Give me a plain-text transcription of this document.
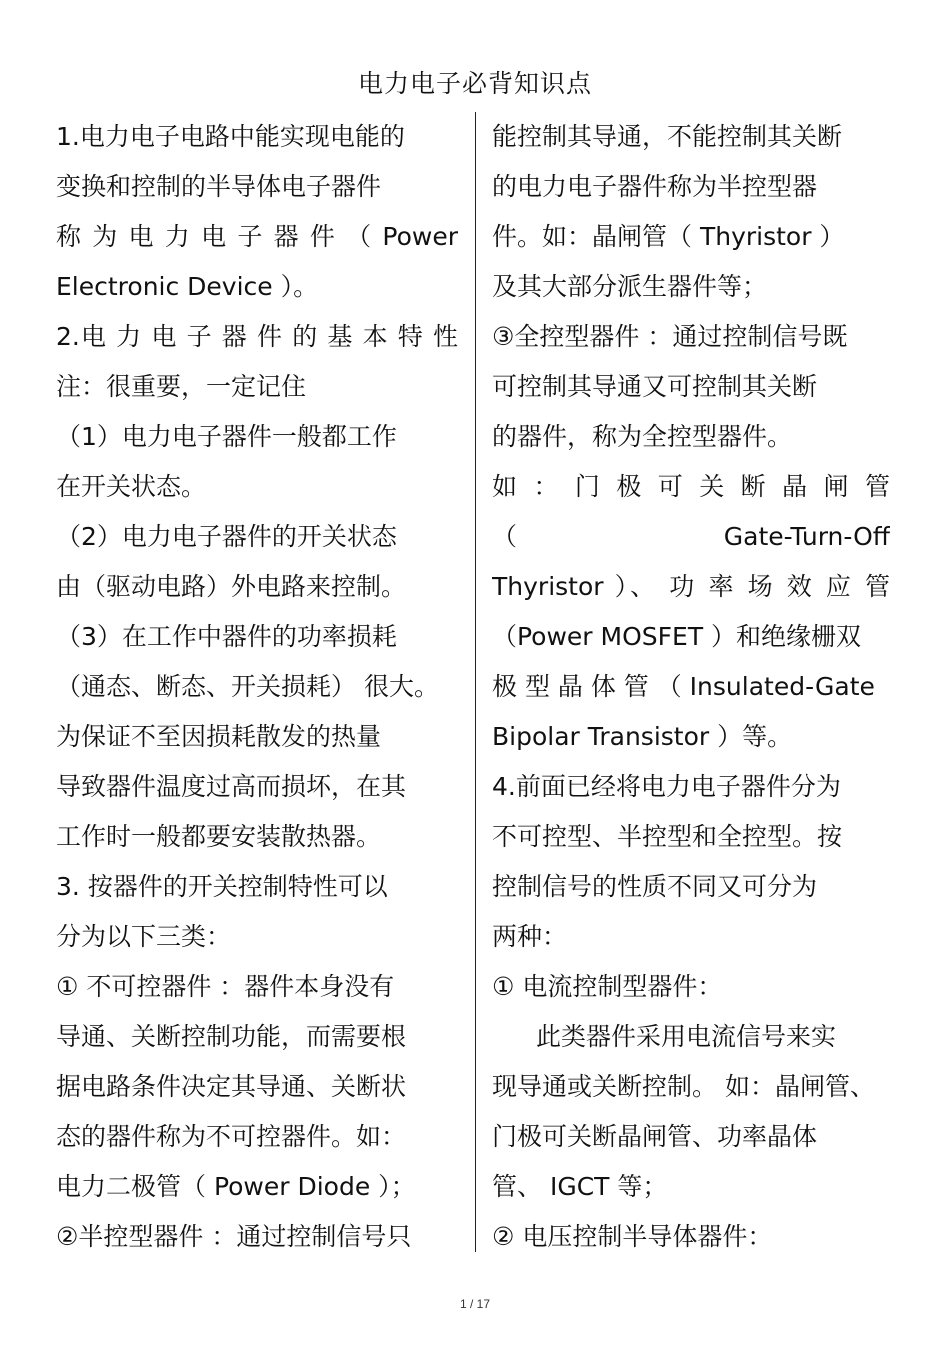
电力电子必背知识点
1.电力电子电路中能实现电能的
变换和控制的半导体电子器件
称 为 电 力 电 子 器 件 （ Power
Electronic Device ）。
2.电 力 电 子 器 件 的 基 本 特 性
注：很重要，一定记住
（1）电力电子器件一般都工作
在开关状态。
（2）电力电子器件的开关状态
由（驱动电路）外电路来控制。
（3）在工作中器件的功率损耗
（通态、断态、开关损耗） 很大。
为保证不至因损耗散发的热量
导致器件温度过高而损坏，在其
工作时一般都要安装散热器。
3. 按器件的开关控制特性可以
分为以下三类：
① 不可控器件 ：器件本身没有
导通、关断控制功能，而需要根
据电路条件决定其导通、关断状
态的器件称为不可控器件。如：
电力二极管（ Power Diode ）；
②半控型器件 ：通过控制信号只
能控制其导通，不能控制其关断
的电力电子器件称为半控型器
件。如：晶闸管（ Thyristor ）
及其大部分派生器件等；
③全控型器件 ：通过控制信号既
可控制其导通又可控制其关断
的器件，称为全控型器件。
如 ： 门 极 可 关 断 晶 闸 管
（ Gate-Turn-Off
Thyristor ）、 功 率 场 效 应 管
（Power MOSFET ）和绝缘栅双
极 型 晶 体 管 （ Insulated-Gate
Bipolar Transistor ）等。
4.前面已经将电力电子器件分为
不可控型、半控型和全控型。按
控制信号的性质不同又可分为
两种：
① 电流控制型器件：
此类器件采用电流信号来实
现导通或关断控制。 如：晶闸管、
门极可关断晶闸管、功率晶体
管、 IGCT 等；
② 电压控制半导体器件：
1 / 17
